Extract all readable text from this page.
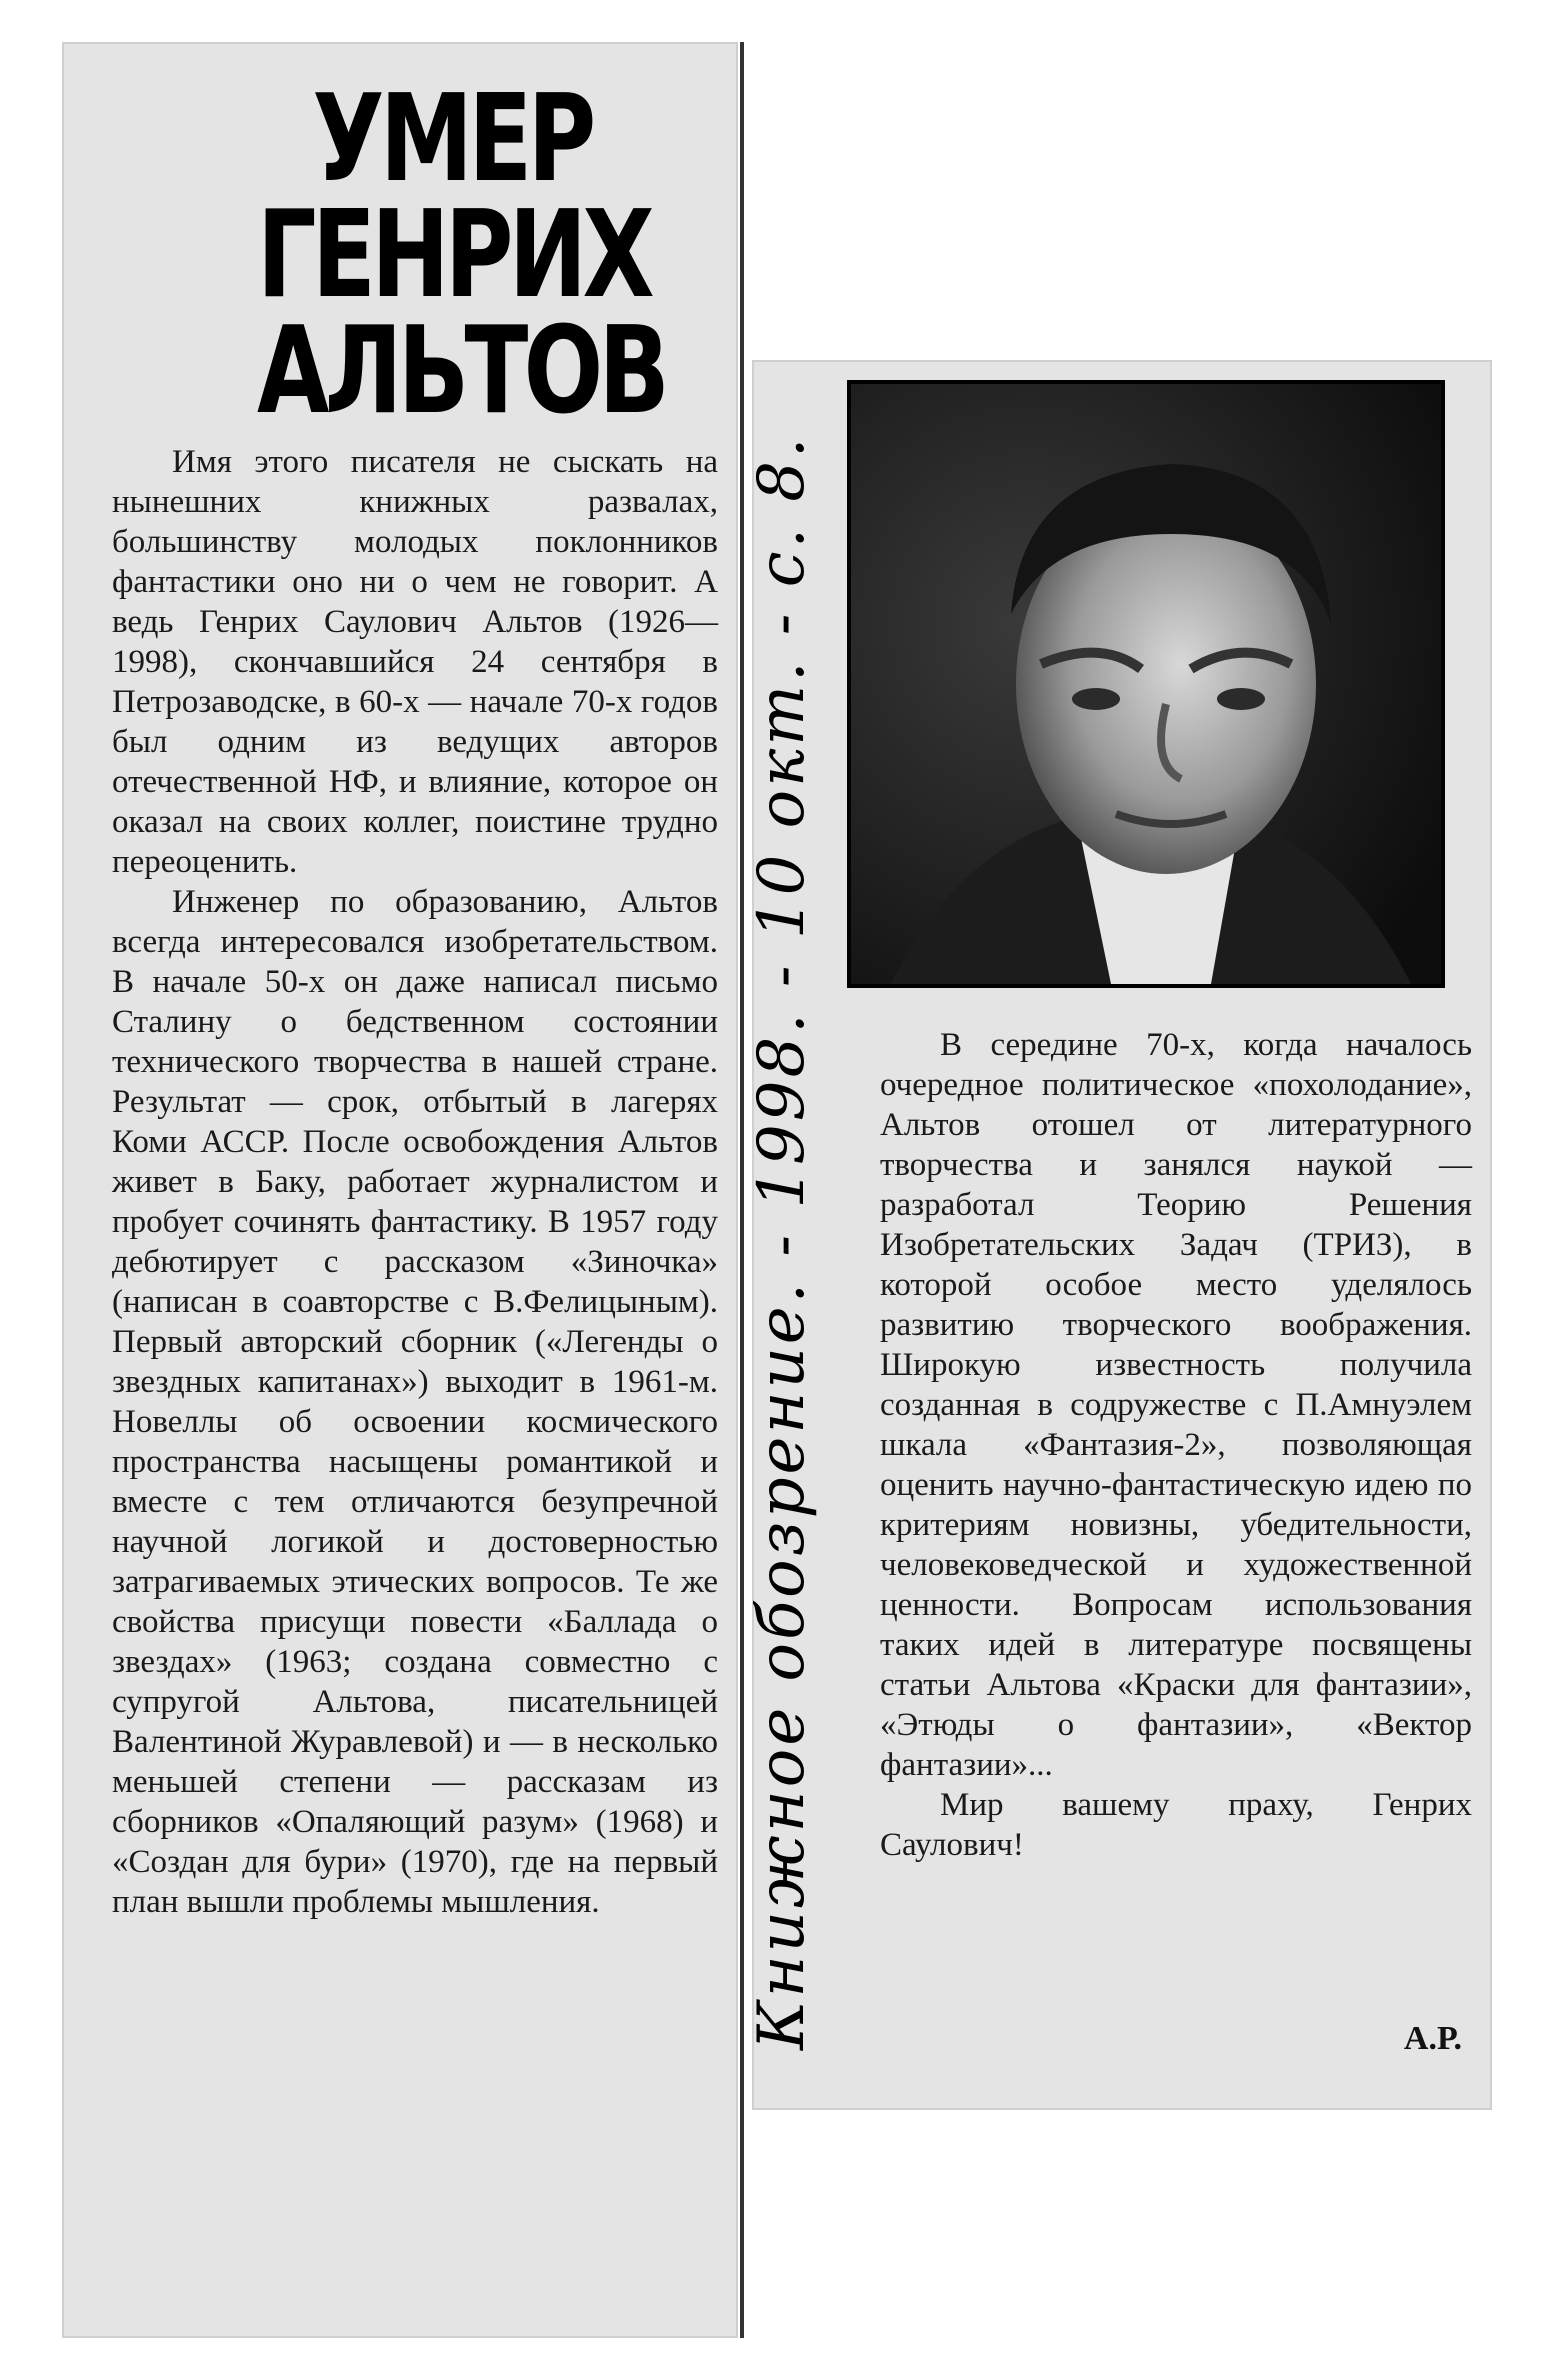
УМЕР
ГЕНРИХ
АЛЬТОВ

Имя этого писателя не сыскать на нынешних книжных развалах, большинству молодых поклонников фантастики оно ни о чем не говорит. А ведь Генрих Саулович Альтов (1926—1998), скончавшийся 24 сентября в Петрозаводске, в 60-х — начале 70-х годов был одним из ведущих авторов отечественной НФ, и влияние, которое он оказал на своих коллег, поистине трудно переоценить.

Инженер по образованию, Альтов всегда интересовался изобретательством. В начале 50-х он даже написал письмо Сталину о бедственном состоянии технического творчества в нашей стране. Результат — срок, отбытый в лагерях Коми АССР. После освобождения Альтов живет в Баку, работает журналистом и пробует сочинять фантастику. В 1957 году дебютирует с рассказом «Зиночка» (написан в соавторстве с В.Фелицыным). Первый авторский сборник («Легенды о звездных капитанах») выходит в 1961-м. Новеллы об освоении космического пространства насыщены романтикой и вместе с тем отличаются безупречной научной логикой и достоверностью затрагиваемых этических вопросов. Те же свойства присущи повести «Баллада о звездах» (1963; создана совместно с супругой Альтова, писательницей Валентиной Журавлевой) и — в несколько меньшей степени — рассказам из сборников «Опаляющий разум» (1968) и «Создан для бури» (1970), где на первый план вышли проблемы мышления.

В середине 70-х, когда началось очередное политическое «похолодание», Альтов отошел от литературного творчества и занялся наукой — разработал Теорию Решения Изобретательских Задач (ТРИЗ), в которой особое место уделялось развитию творческого воображения. Широкую известность получила созданная в содружестве с П.Амнуэлем шкала «Фантазия-2», позволяющая оценить научно-фантастическую идею по критериям новизны, убедительности, человековедческой и художественной ценности. Вопросам использования таких идей в литературе посвящены статьи Альтова «Краски для фантазии», «Этюды о фантазии», «Вектор фантазии»...

Мир вашему праху, Генрих Саулович!

А.Р.
Книжное обозрение. - 1998. - 10 окт. - с. 8.
